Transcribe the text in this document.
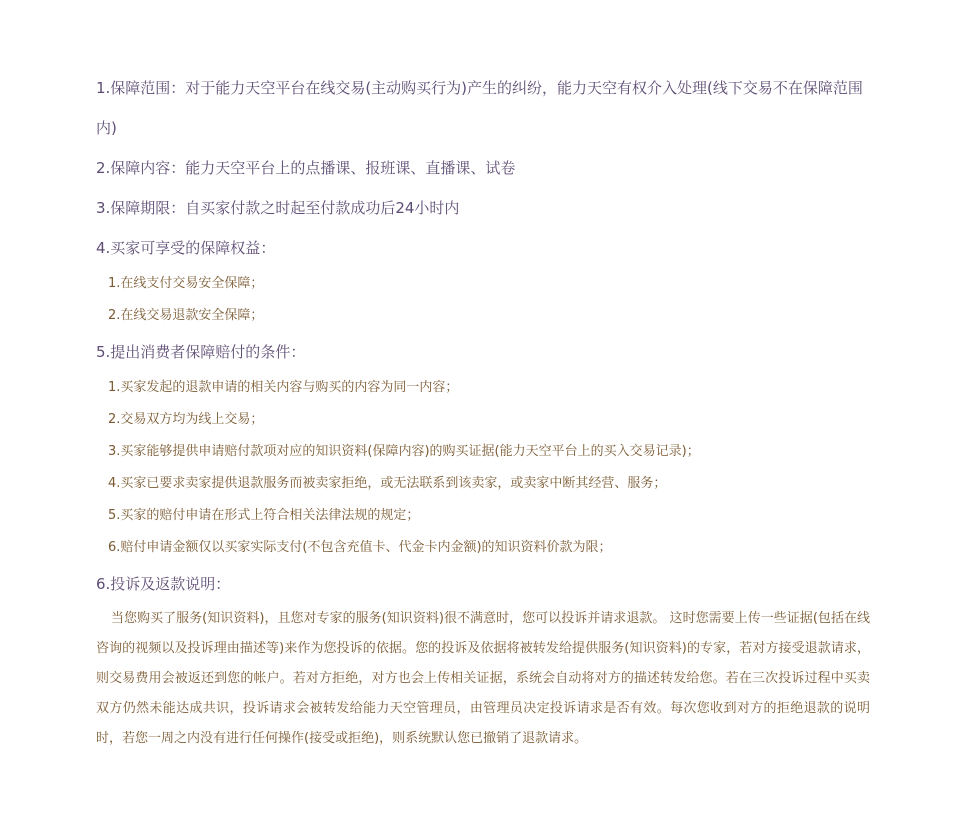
1.保障范围：对于能力天空平台在线交易(主动购买行为)产生的纠纷，能力天空有权介入处理(线下交易不在保障范围内)

2.保障内容：能力天空平台上的点播课、报班课、直播课、试卷

3.保障期限：自买家付款之时起至付款成功后24小时内

4.买家可享受的保障权益：

1.在线支付交易安全保障；
2.在线交易退款安全保障；

5.提出消费者保障赔付的条件：

1.买家发起的退款申请的相关内容与购买的内容为同一内容；
2.交易双方均为线上交易；
3.买家能够提供申请赔付款项对应的知识资料(保障内容)的购买证据(能力天空平台上的买入交易记录)；
4.买家已要求卖家提供退款服务而被卖家拒绝，或无法联系到该卖家，或卖家中断其经营、服务；
5.买家的赔付申请在形式上符合相关法律法规的规定；
6.赔付申请金额仅以买家实际支付(不包含充值卡、代金卡内金额)的知识资料价款为限；

6.投诉及返款说明：

当您购买了服务(知识资料)，且您对专家的服务(知识资料)很不满意时，您可以投诉并请求退款。 这时您需要上传一些证据(包括在线咨询的视频以及投诉理由描述等)来作为您投诉的依据。您的投诉及依据将被转发给提供服务(知识资料)的专家，若对方接受退款请求，则交易费用会被返还到您的帐户。若对方拒绝，对方也会上传相关证据，系统会自动将对方的描述转发给您。若在三次投诉过程中买卖双方仍然未能达成共识，投诉请求会被转发给能力天空管理员，由管理员决定投诉请求是否有效。每次您收到对方的拒绝退款的说明时，若您一周之内没有进行任何操作(接受或拒绝)，则系统默认您已撤销了退款请求。
